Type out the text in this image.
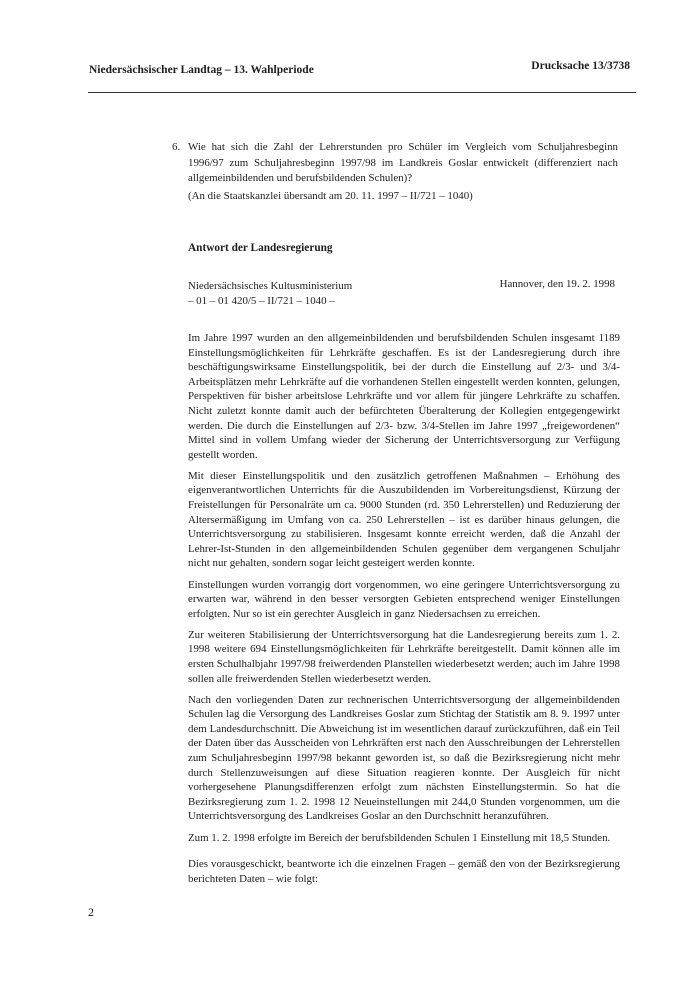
Niedersächsischer Landtag – 13. Wahlperiode	Drucksache 13/3738
6. Wie hat sich die Zahl der Lehrerstunden pro Schüler im Vergleich vom Schuljahresbeginn 1996/97 zum Schuljahresbeginn 1997/98 im Landkreis Goslar entwickelt (differenziert nach allgemeinbildenden und berufsbildenden Schulen)?

(An die Staatskanzlei übersandt am 20. 11. 1997 – II/721 – 1040)
Antwort der Landesregierung
Niedersächsisches Kultusministerium
– 01 – 01 420/5 – II/721 – 1040 –
Hannover, den 19. 2. 1998

Im Jahre 1997 wurden an den allgemeinbildenden und berufsbildenden Schulen insgesamt 1189 Einstellungsmöglichkeiten für Lehrkräfte geschaffen. Es ist der Landesregierung durch ihre beschäftigungswirksame Einstellungspolitik, bei der durch die Einstellung auf 2/3- und 3/4-Arbeitsplätzen mehr Lehrkräfte auf die vorhandenen Stellen eingestellt werden konnten, gelungen, Perspektiven für bisher arbeitslose Lehrkräfte und vor allem für jüngere Lehrkräfte zu schaffen. Nicht zuletzt konnte damit auch der befürchteten Überalterung der Kollegien entgegengewirkt werden. Die durch die Einstellungen auf 2/3- bzw. 3/4-Stellen im Jahre 1997 „freigewordenen“ Mittel sind in vollem Umfang wieder der Sicherung der Unterrichtsversorgung zur Verfügung gestellt worden.

Mit dieser Einstellungspolitik und den zusätzlich getroffenen Maßnahmen – Erhöhung des eigenverantwortlichen Unterrichts für die Auszubildenden im Vorbereitungsdienst, Kürzung der Freistellungen für Personalräte um ca. 9000 Stunden (rd. 350 Lehrerstellen) und Reduzierung der Altersermäßigung im Umfang von ca. 250 Lehrerstellen – ist es darüber hinaus gelungen, die Unterrichtsversorgung zu stabilisieren. Insgesamt konnte erreicht werden, daß die Anzahl der Lehrer-Ist-Stunden in den allgemeinbildenden Schulen gegenüber dem vergangenen Schuljahr nicht nur gehalten, sondern sogar leicht gesteigert werden konnte.

Einstellungen wurden vorrangig dort vorgenommen, wo eine geringere Unterrichtsversorgung zu erwarten war, während in den besser versorgten Gebieten entsprechend weniger Einstellungen erfolgten. Nur so ist ein gerechter Ausgleich in ganz Niedersachsen zu erreichen.

Zur weiteren Stabilisierung der Unterrichtsversorgung hat die Landesregierung bereits zum 1. 2. 1998 weitere 694 Einstellungsmöglichkeiten für Lehrkräfte bereitgestellt. Damit können alle im ersten Schulhalbjahr 1997/98 freiwerdenden Planstellen wiederbesetzt werden; auch im Jahre 1998 sollen alle freiwerdenden Stellen wiederbesetzt werden.

Nach den vorliegenden Daten zur rechnerischen Unterrichtsversorgung der allgemeinbildenden Schulen lag die Versorgung des Landkreises Goslar zum Stichtag der Statistik am 8. 9. 1997 unter dem Landesdurchschnitt. Die Abweichung ist im wesentlichen darauf zurückzuführen, daß ein Teil der Daten über das Ausscheiden von Lehrkräften erst nach den Ausschreibungen der Lehrerstellen zum Schuljahresbeginn 1997/98 bekannt geworden ist, so daß die Bezirksregierung nicht mehr durch Stellenzuweisungen auf diese Situation reagieren konnte. Der Ausgleich für nicht vorhergesehene Planungsdifferenzen erfolgt zum nächsten Einstellungstermin. So hat die Bezirksregierung zum 1. 2. 1998 12 Neueinstellungen mit 244,0 Stunden vorgenommen, um die Unterrichtsversorgung des Landkreises Goslar an den Durchschnitt heranzuführen.

Zum 1. 2. 1998 erfolgte im Bereich der berufsbildenden Schulen 1 Einstellung mit 18,5 Stunden.

Dies vorausgeschickt, beantworte ich die einzelnen Fragen – gemäß den von der Bezirksregierung berichteten Daten – wie folgt:

2
